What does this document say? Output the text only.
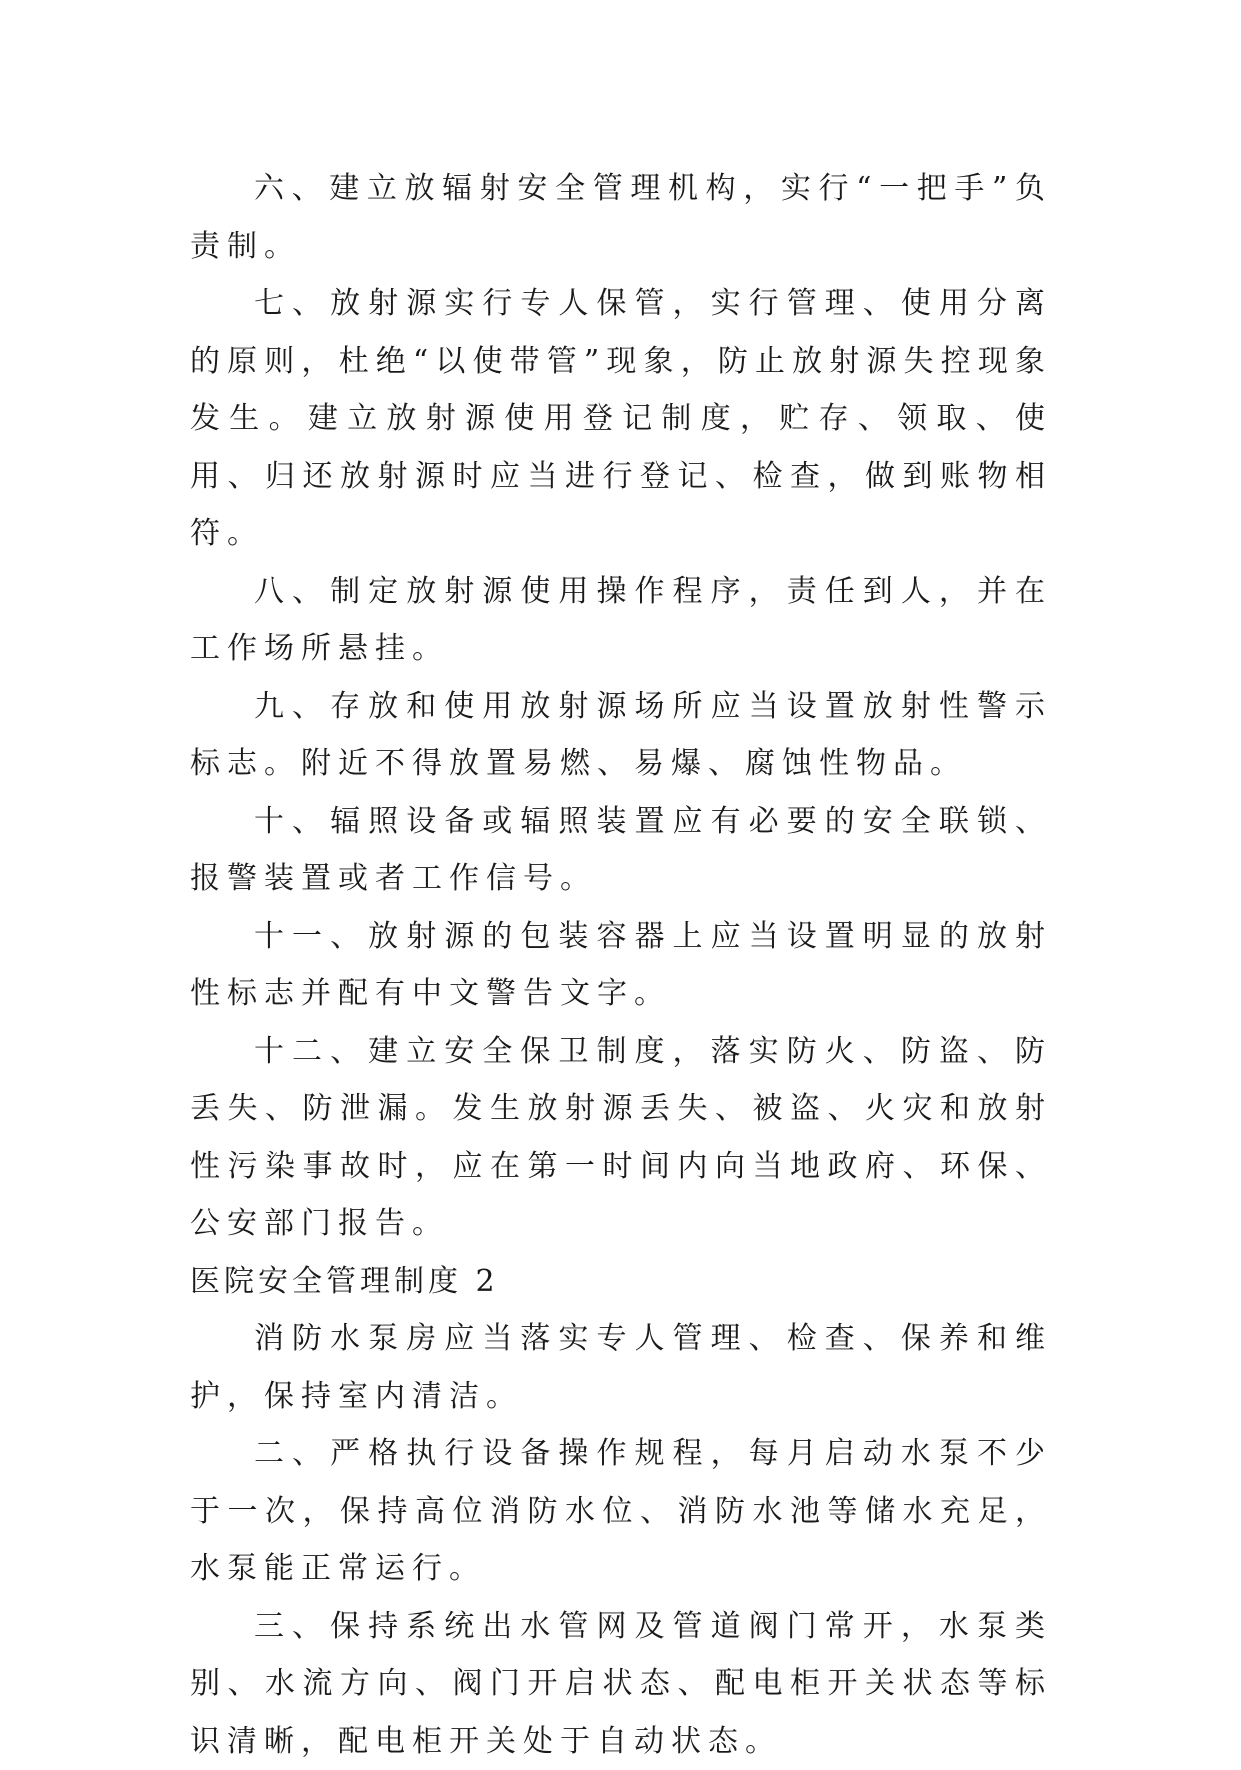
六、建立放辐射安全管理机构，实行“一把手”负责制。

七、放射源实行专人保管，实行管理、使用分离的原则，杜绝“以使带管”现象，防止放射源失控现象发生。建立放射源使用登记制度，贮存、领取、使用、归还放射源时应当进行登记、检查，做到账物相符。

八、制定放射源使用操作程序，责任到人，并在工作场所悬挂。

九、存放和使用放射源场所应当设置放射性警示标志。附近不得放置易燃、易爆、腐蚀性物品。

十、辐照设备或辐照装置应有必要的安全联锁、报警装置或者工作信号。

十一、放射源的包装容器上应当设置明显的放射性标志并配有中文警告文字。

十二、建立安全保卫制度，落实防火、防盗、防丢失、防泄漏。发生放射源丢失、被盗、火灾和放射性污染事故时，应在第一时间内向当地政府、环保、公安部门报告。

医院安全管理制度 2

消防水泵房应当落实专人管理、检查、保养和维护，保持室内清洁。

二、严格执行设备操作规程，每月启动水泵不少于一次，保持高位消防水位、消防水池等储水充足，水泵能正常运行。

三、保持系统出水管网及管道阀门常开，水泵类别、水流方向、阀门开启状态、配电柜开关状态等标识清晰，配电柜开关处于自动状态。
